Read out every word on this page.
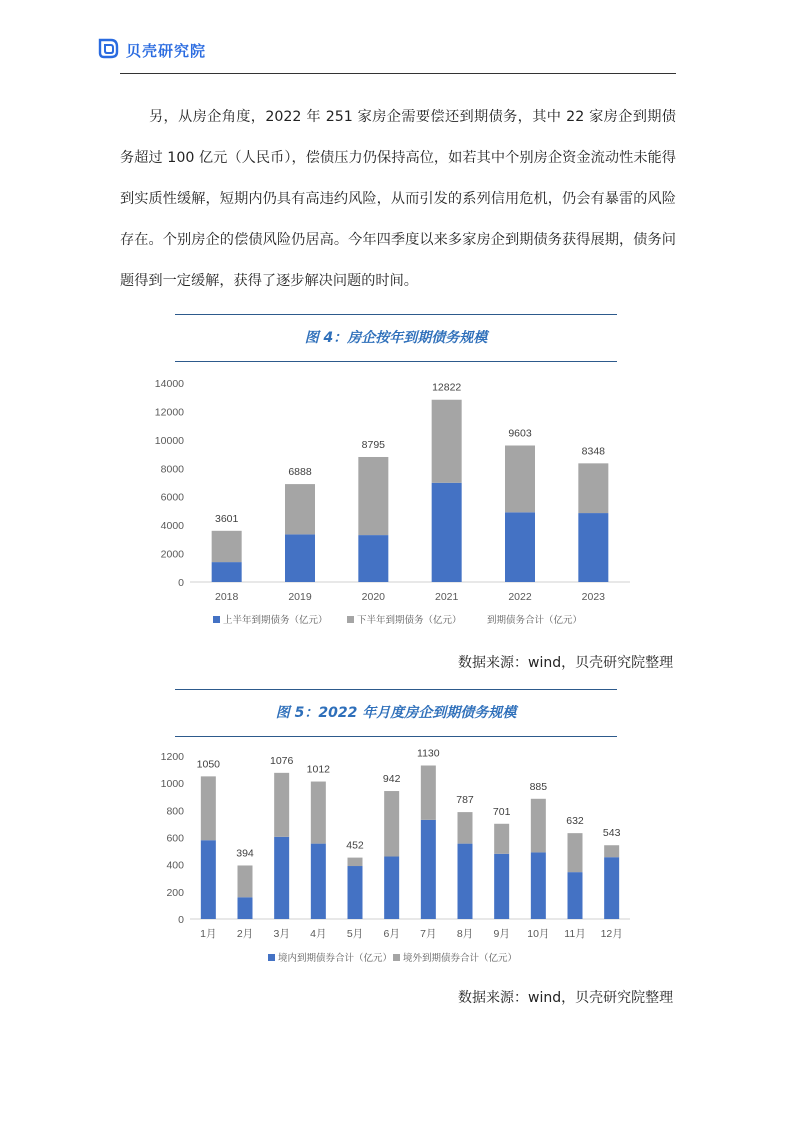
贝壳研究院
另，从房企角度，2022 年 251 家房企需要偿还到期债务，其中 22 家房企到期债务超过 100 亿元（人民币），偿债压力仍保持高位，如若其中个别房企资金流动性未能得到实质性缓解，短期内仍具有高违约风险，从而引发的系列信用危机，仍会有暴雷的风险存在。个别房企的偿债风险仍居高。今年四季度以来多家房企到期债务获得展期，债务问题得到一定缓解，获得了逐步解决问题的时间。
图 4：房企按年到期债务规模
0
2000
4000
6000
8000
10000
12000
14000
3601
2018
6888
2019
8795
2020
12822
2021
9603
2022
8348
2023
上半年到期债务（亿元）	下半年到期债务（亿元）	到期债务合计（亿元）
数据来源：wind，贝壳研究院整理
图 5：2022 年月度房企到期债务规模
0
200
400
600
800
1000
1200
1050
1月
394
2月
1076
3月
1012
4月
452
5月
942
6月
1130
7月
787
8月
701
9月
885
10月
632
11月
543
12月
境内到期债券合计（亿元） 境外到期债券合计（亿元）
数据来源：wind，贝壳研究院整理
